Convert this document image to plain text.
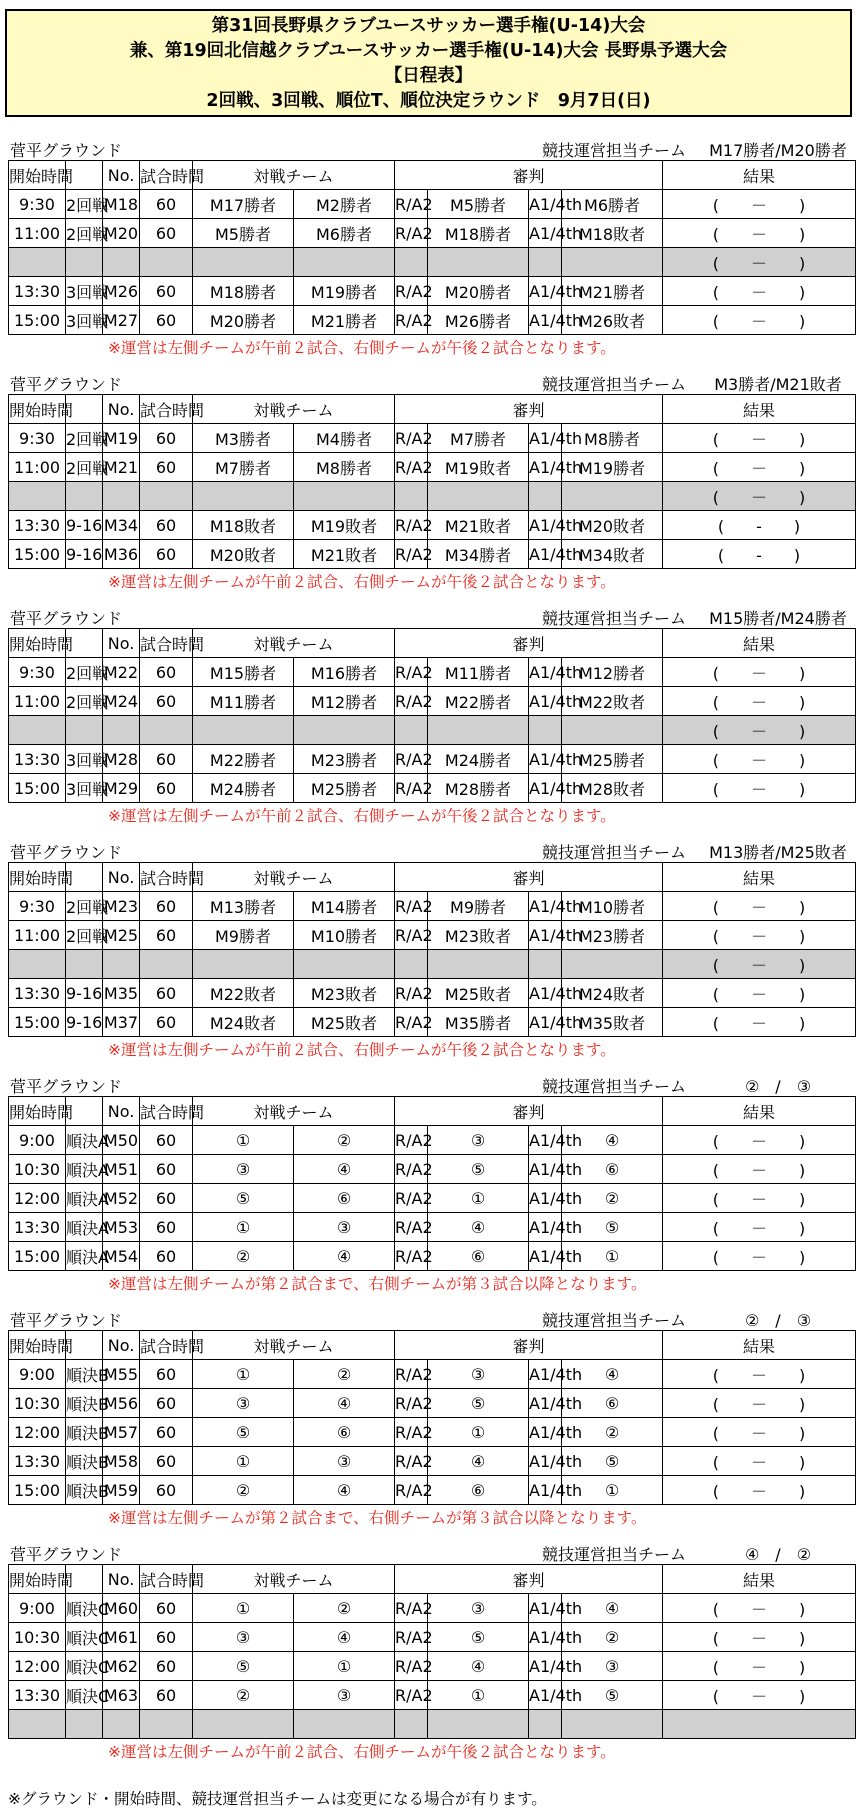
第31回長野県クラブユースサッカー選手権(U-14)大会
兼、第19回北信越クラブユースサッカー選手権(U-14)大会 長野県予選大会
【日程表】
2回戦、3回戦、順位T、順位決定ラウンド　9月7日(日)
菅平グラウンド	競技運営担当チーム	M17勝者/M20勝者
開始時間		No.	試合時間	対戦チーム		審判				結果
9:30	2回戦	M18	60	M17勝者	M2勝者	R/A2	M5勝者	A1/4th	M6勝者	(　　－　　)
11:00	2回戦	M20	60	M5勝者	M6勝者	R/A2	M18勝者	A1/4th	M18敗者	(　　－　　)
										(　　－　　)
13:30	3回戦	M26	60	M18勝者	M19勝者	R/A2	M20勝者	A1/4th	M21勝者	(　　－　　)
15:00	3回戦	M27	60	M20勝者	M21勝者	R/A2	M26勝者	A1/4th	M26敗者	(　　－　　)
※運営は左側チームが午前２試合、右側チームが午後２試合となります。
菅平グラウンド	競技運営担当チーム	M3勝者/M21敗者
開始時間		No.	試合時間	対戦チーム		審判				結果
9:30	2回戦	M19	60	M3勝者	M4勝者	R/A2	M7勝者	A1/4th	M8勝者	(　　－　　)
11:00	2回戦	M21	60	M7勝者	M8勝者	R/A2	M19敗者	A1/4th	M19勝者	(　　－　　)
										(　　－　　)
13:30	9-16	M34	60	M18敗者	M19敗者	R/A2	M21敗者	A1/4th	M20敗者	(　　-　　)
15:00	9-16	M36	60	M20敗者	M21敗者	R/A2	M34勝者	A1/4th	M34敗者	(　　-　　)
※運営は左側チームが午前２試合、右側チームが午後２試合となります。
菅平グラウンド	競技運営担当チーム	M15勝者/M24勝者
開始時間		No.	試合時間	対戦チーム		審判				結果
9:30	2回戦	M22	60	M15勝者	M16勝者	R/A2	M11勝者	A1/4th	M12勝者	(　　－　　)
11:00	2回戦	M24	60	M11勝者	M12勝者	R/A2	M22勝者	A1/4th	M22敗者	(　　－　　)
										(　　－　　)
13:30	3回戦	M28	60	M22勝者	M23勝者	R/A2	M24勝者	A1/4th	M25勝者	(　　－　　)
15:00	3回戦	M29	60	M24勝者	M25勝者	R/A2	M28勝者	A1/4th	M28敗者	(　　－　　)
※運営は左側チームが午前２試合、右側チームが午後２試合となります。
菅平グラウンド	競技運営担当チーム	M13勝者/M25敗者
開始時間		No.	試合時間	対戦チーム		審判				結果
9:30	2回戦	M23	60	M13勝者	M14勝者	R/A2	M9勝者	A1/4th	M10勝者	(　　－　　)
11:00	2回戦	M25	60	M9勝者	M10勝者	R/A2	M23敗者	A1/4th	M23勝者	(　　－　　)
										(　　－　　)
13:30	9-16	M35	60	M22敗者	M23敗者	R/A2	M25敗者	A1/4th	M24敗者	(　　－　　)
15:00	9-16	M37	60	M24敗者	M25敗者	R/A2	M35勝者	A1/4th	M35敗者	(　　－　　)
※運営は左側チームが午前２試合、右側チームが午後２試合となります。
菅平グラウンド	競技運営担当チーム	②　/　③
開始時間		No.	試合時間	対戦チーム		審判				結果
9:00	順決A	M50	60	①	②	R/A2	③	A1/4th	④	(　　－　　)
10:30	順決A	M51	60	③	④	R/A2	⑤	A1/4th	⑥	(　　－　　)
12:00	順決A	M52	60	⑤	⑥	R/A2	①	A1/4th	②	(　　－　　)
13:30	順決A	M53	60	①	③	R/A2	④	A1/4th	⑤	(　　－　　)
15:00	順決A	M54	60	②	④	R/A2	⑥	A1/4th	①	(　　－　　)
※運営は左側チームが第２試合まで、右側チームが第３試合以降となります。
菅平グラウンド	競技運営担当チーム	②　/　③
開始時間		No.	試合時間	対戦チーム		審判				結果
9:00	順決B	M55	60	①	②	R/A2	③	A1/4th	④	(　　－　　)
10:30	順決B	M56	60	③	④	R/A2	⑤	A1/4th	⑥	(　　－　　)
12:00	順決B	M57	60	⑤	⑥	R/A2	①	A1/4th	②	(　　－　　)
13:30	順決B	M58	60	①	③	R/A2	④	A1/4th	⑤	(　　－　　)
15:00	順決B	M59	60	②	④	R/A2	⑥	A1/4th	①	(　　－　　)
※運営は左側チームが第２試合まで、右側チームが第３試合以降となります。
菅平グラウンド	競技運営担当チーム	④　/　②
開始時間		No.	試合時間	対戦チーム		審判				結果
9:00	順決C	M60	60	①	②	R/A2	③	A1/4th	④	(　　－　　)
10:30	順決C	M61	60	③	④	R/A2	⑤	A1/4th	②	(　　－　　)
12:00	順決C	M62	60	⑤	①	R/A2	④	A1/4th	③	(　　－　　)
13:30	順決C	M63	60	②	③	R/A2	①	A1/4th	⑤	(　　－　　)

※運営は左側チームが午前２試合、右側チームが午後２試合となります。
※グラウンド・開始時間、競技運営担当チームは変更になる場合が有ります。
